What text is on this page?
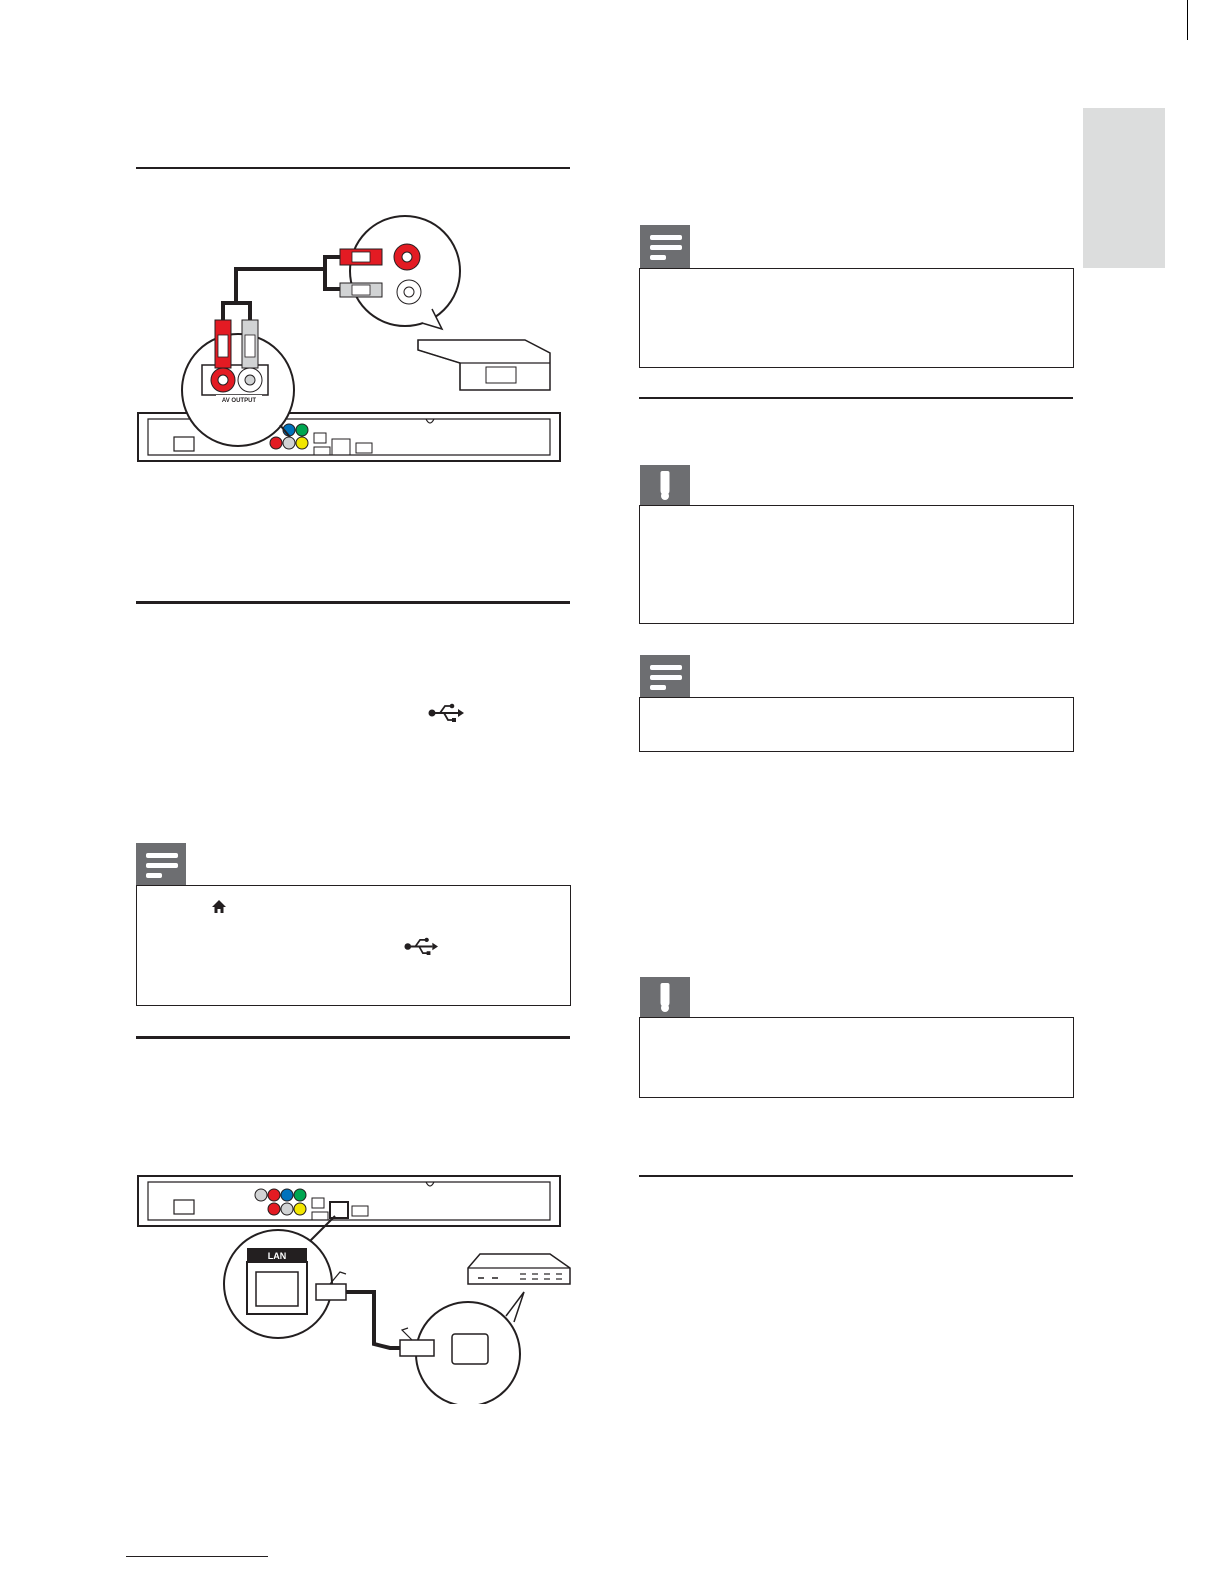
AV OUTPUT
LAN
